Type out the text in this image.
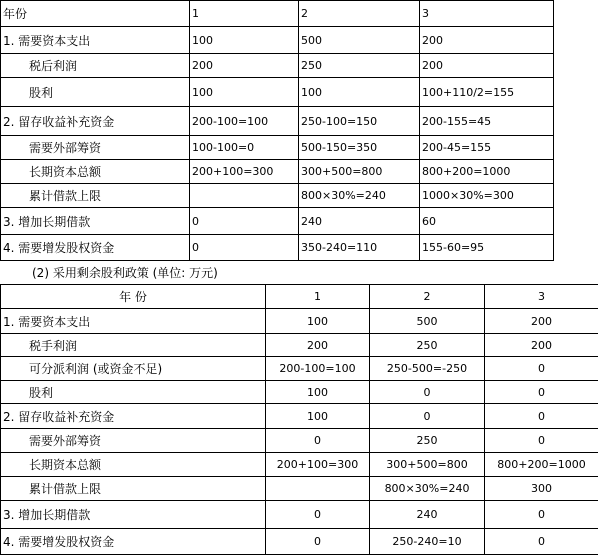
年份	1	2	3
1. 需要资本支出	100	500	200
税后利润	200	250	200
股利	100	100	100+110/2=155
2. 留存收益补充资金	200-100=100	250-100=150	200-155=45
需要外部筹资	100-100=0	500-150=350	200-45=155
长期资本总额	200+100=300	300+500=800	800+200=1000
累计借款上限		800×30%=240	1000×30%=300
3. 增加长期借款	0	240	60
4. 需要增发股权资金	0	350-240=110	155-60=95
(2) 采用剩余股利政策 (单位: 万元)
年 份	1	2	3
1. 需要资本支出	100	500	200
税手利润	200	250	200
可分派利润 (或资金不足)	200-100=100	250-500=-250	0
股利	100	0	0
2. 留存收益补充资金	100	0	0
需要外部筹资	0	250	0
长期资本总额	200+100=300	300+500=800	800+200=1000
累计借款上限		800×30%=240	300
3. 增加长期借款	0	240	0
4. 需要增发股权资金	0	250-240=10	0
